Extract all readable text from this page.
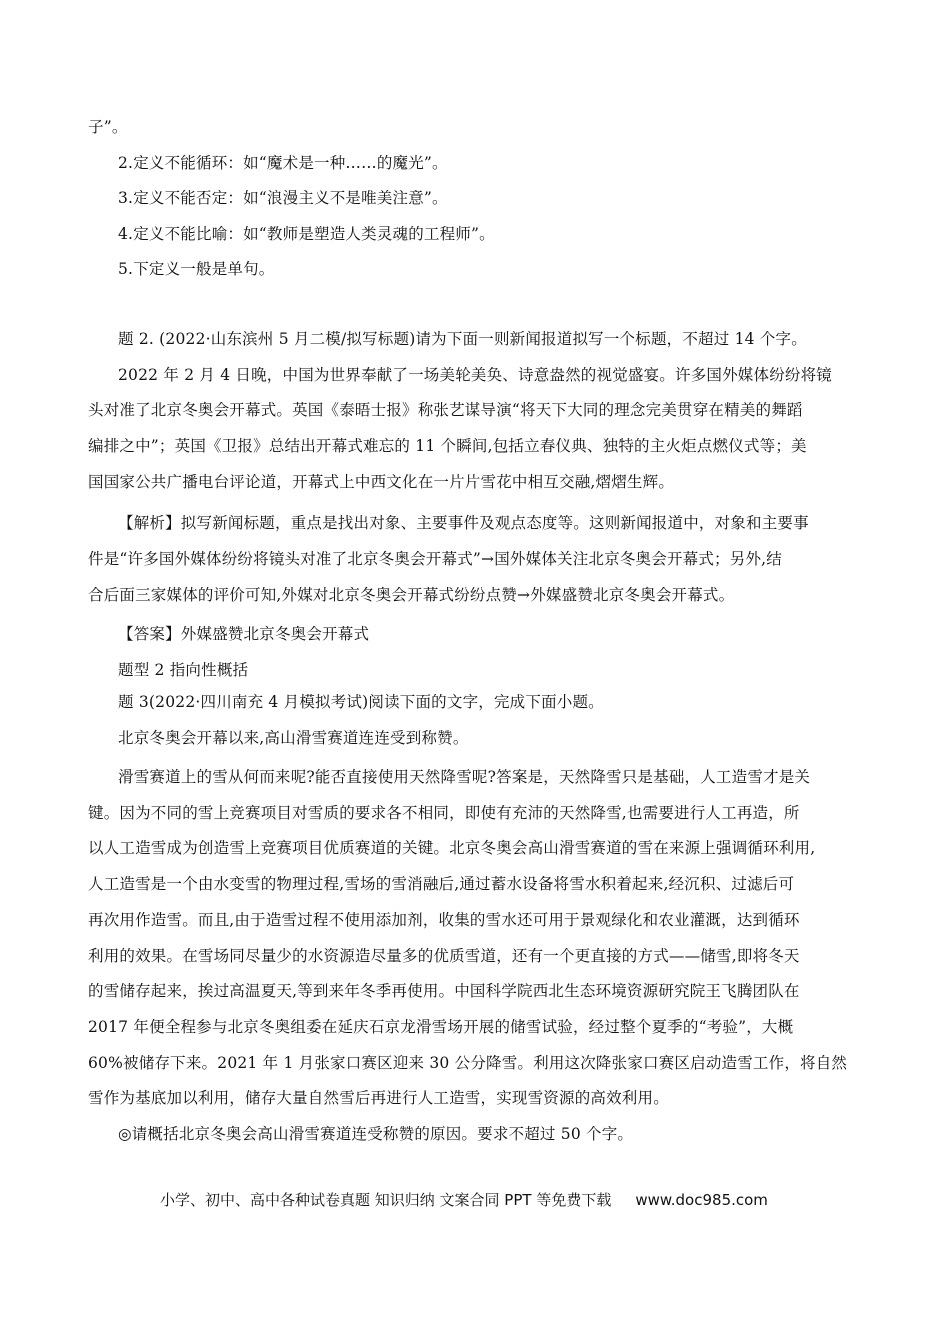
子”。
2.定义不能循环：如“魔术是一种……的魔光”。
3.定义不能否定：如“浪漫主义不是唯美注意”。
4.定义不能比喻：如“教师是塑造人类灵魂的工程师”。
5.下定义一般是单句。
题 2. (2022·山东滨州 5 月二模/拟写标题)请为下面一则新闻报道拟写一个标题，不超过 14 个字。
2022 年 2 月 4 日晚，中国为世界奉献了一场美轮美奂、诗意盎然的视觉盛宴。许多国外媒体纷纷将镜
头对准了北京冬奥会开幕式。英国《泰晤士报》称张艺谋导演“将天下大同的理念完美贯穿在精美的舞蹈
编排之中”；英国《卫报》总结出开幕式难忘的 11 个瞬间,包括立春仪典、独特的主火炬点燃仪式等；美
国国家公共广播电台评论道，开幕式上中西文化在一片片雪花中相互交融,熠熠生辉。
【解析】拟写新闻标题，重点是找出对象、主要事件及观点态度等。这则新闻报道中，对象和主要事
件是“许多国外媒体纷纷将镜头对准了北京冬奥会开幕式”→国外媒体关注北京冬奥会开幕式；另外,结
合后面三家媒体的评价可知,外媒对北京冬奥会开幕式纷纷点赞→外媒盛赞北京冬奥会开幕式。
【答案】外媒盛赞北京冬奥会开幕式
题型 2 指向性概括
题 3(2022·四川南充 4 月模拟考试)阅读下面的文字，完成下面小题。
北京冬奥会开幕以来,高山滑雪赛道连连受到称赞。
滑雪赛道上的雪从何而来呢?能否直接使用天然降雪呢?答案是，天然降雪只是基础，人工造雪才是关
键。因为不同的雪上竞赛项目对雪质的要求各不相同，即使有充沛的天然降雪,也需要进行人工再造，所
以人工造雪成为创造雪上竞赛项目优质赛道的关键。北京冬奥会高山滑雪赛道的雪在来源上强调循环利用,
人工造雪是一个由水变雪的物理过程,雪场的雪消融后,通过蓄水设备将雪水积着起来,经沉积、过滤后可
再次用作造雪。而且,由于造雪过程不使用添加剂，收集的雪水还可用于景观绿化和农业灌溉，达到循环
利用的效果。在雪场同尽量少的水资源造尽量多的优质雪道，还有一个更直接的方式——储雪,即将冬天
的雪储存起来，挨过高温夏天,等到来年冬季再使用。中国科学院西北生态环境资源研究院王飞腾团队在
2017 年便全程参与北京冬奥组委在延庆石京龙滑雪场开展的储雪试验，经过整个夏季的“考验”，大概
60%被储存下来。2021 年 1 月张家口赛区迎来 30 公分降雪。利用这次降张家口赛区启动造雪工作，将自然
雪作为基底加以利用，储存大量自然雪后再进行人工造雪，实现雪资源的高效利用。
◎请概括北京冬奥会高山滑雪赛道连受称赞的原因。要求不超过 50 个字。
小学、初中、高中各种试卷真题 知识归纳 文案合同 PPT 等免费下载 www.doc985.com
